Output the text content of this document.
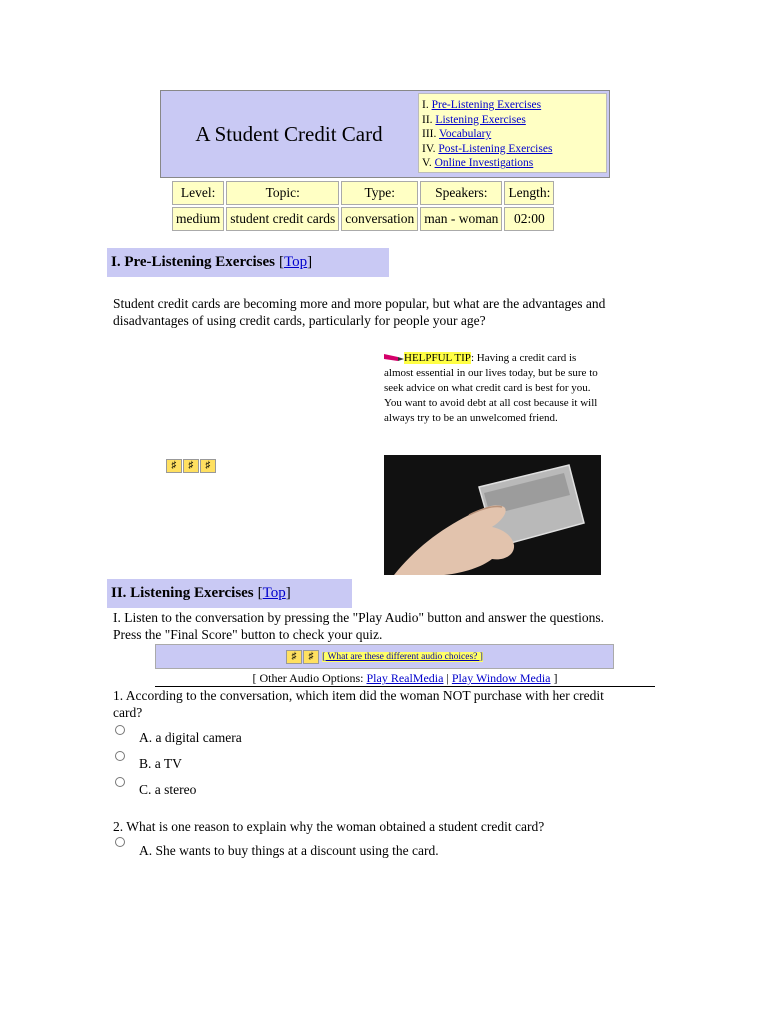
A Student Credit Card
I. Pre-Listening Exercises
II. Listening Exercises
III. Vocabulary
IV. Post-Listening Exercises
V. Online Investigations
Level:	Topic:	Type:	Speakers:	Length:
medium	student credit cards	conversation	man - woman	02:00
I. Pre-Listening Exercises [Top]
Student credit cards are becoming more and more popular, but what are the advantages and disadvantages of using credit cards, particularly for people your age?
HELPFUL TIP: Having a credit card is almost essential in our lives today, but be sure to seek advice on what credit card is best for you. You want to avoid debt at all cost because it will always try to be an unwelcomed friend.
♯ ♯ ♯
II. Listening Exercises [Top]
I. Listen to the conversation by pressing the "Play Audio" button and answer the questions. Press the "Final Score" button to check your quiz.
♯	♯ [ What are these different audio choices? ]
[ Other Audio Options: Play RealMedia | Play Window Media ]
1. According to the conversation, which item did the woman NOT purchase with her credit card?
A. a digital camera
B. a TV
C. a stereo
2. What is one reason to explain why the woman obtained a student credit card?
A. She wants to buy things at a discount using the card.
